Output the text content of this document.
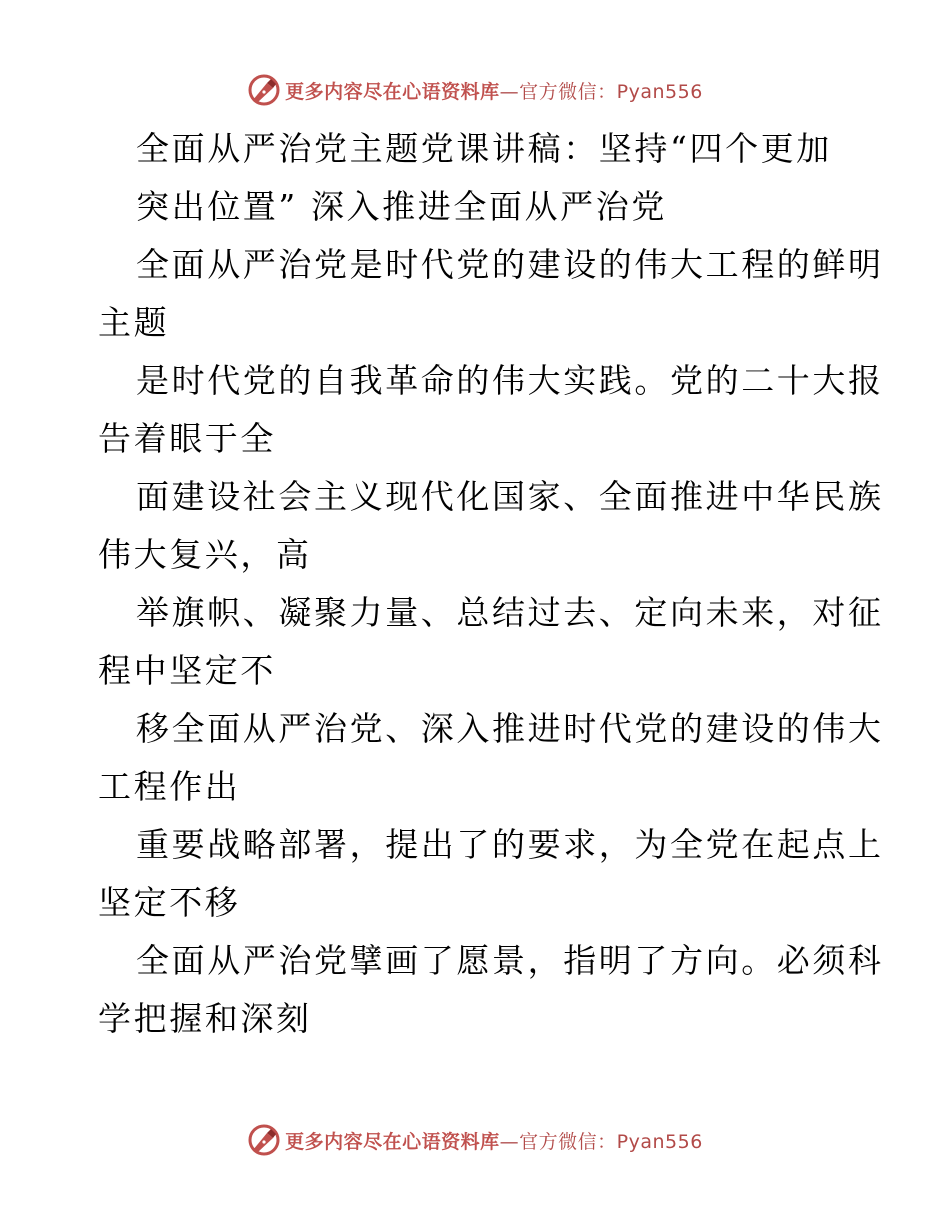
更多内容尽在心语资料库—官方微信：Pyan556
全面从严治党主题党课讲稿：坚持“四个更加
突出位置” 深入推进全面从严治党
全面从严治党是时代党的建设的伟大工程的鲜明
主题
是时代党的自我革命的伟大实践。党的二十大报
告着眼于全
面建设社会主义现代化国家、全面推进中华民族
伟大复兴，高
举旗帜、凝聚力量、总结过去、定向未来，对征
程中坚定不
移全面从严治党、深入推进时代党的建设的伟大
工程作出
重要战略部署，提出了的要求，为全党在起点上
坚定不移
全面从严治党擘画了愿景，指明了方向。必须科
学把握和深刻
更多内容尽在心语资料库—官方微信：Pyan556
